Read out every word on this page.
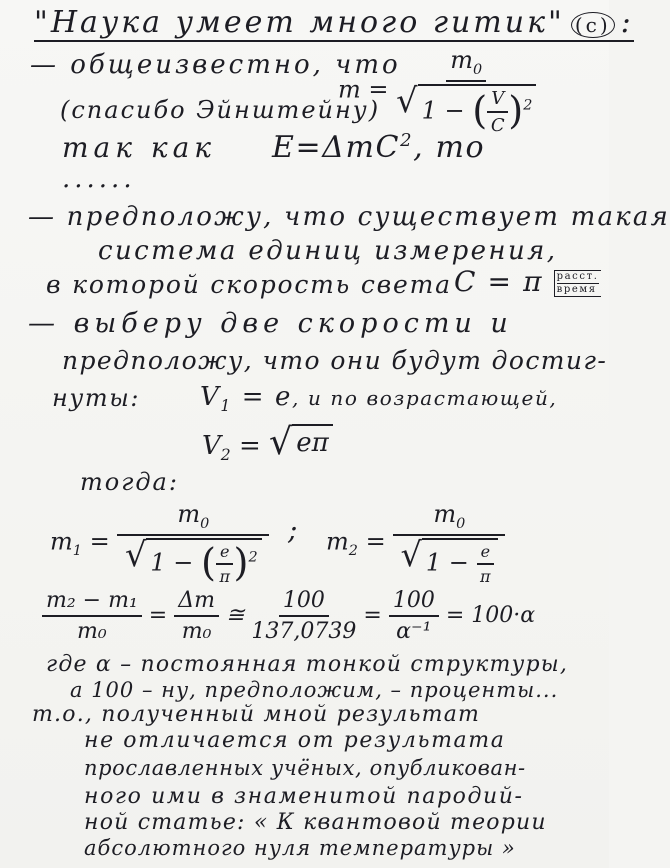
"Наука умеет много гитик" (c) :
— общеизвестно, что
$m = \frac{m_0}{√ 1 - ( \frac{V}{C} )^2}$
(спасибо Эйнштейну)
так как E=ΔmC$^2$, то
......
— предположу, что существует такая
система единиц измерения,
в которой скорость света C = π расст.
время
— выберу две скорости и
предположу, что они будут достиг-
нуты: $V_1 = e$, и по возрастающей,
$V_2$ = √ eπ
тогда:
$m_1 = \frac{m_0}{√ 1 - ( \frac{e}{\pi} )^2}$ ; $m_2 = \frac{m_0}{√ 1 - \frac{e}{\pi}}$
$\frac{\text{m₂ − m₁}}{\text{m₀}} = \frac{\Delta m}{\text{m₀}}$ ≅ $\frac{100}{137,0739} = \frac{100}{\text{α⁻¹}} = 100\cdot\alpha$
где α – постоянная тонкой структуры,
а 100 – ну, предположим, – проценты...
т.о., полученный мной результат
не отличается от результата
прославленных учёных, опубликован-
ного ими в знаменитой пародий-
ной статье: « К квантовой теории
абсолютного нуля температуры »
